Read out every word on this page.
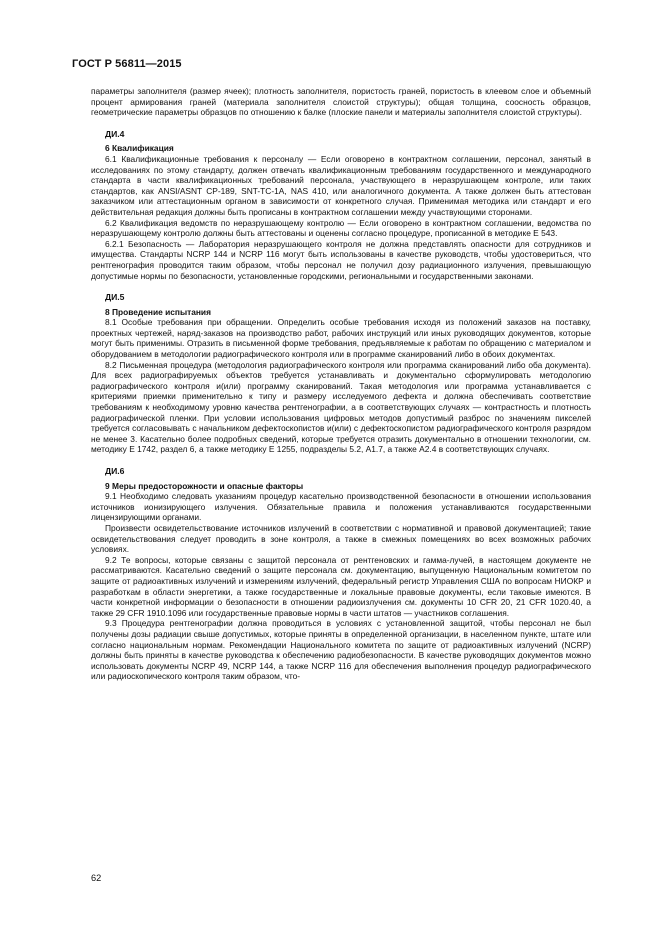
ГОСТ Р 56811—2015

параметры заполнителя (размер ячеек); плотность заполнителя, пористость граней, пористость в клеевом слое и объемный процент армирования граней (материала заполнителя слоистой структуры); общая толщина, соосность образцов, геометрические параметры образцов по отношению к балке (плоские панели и материалы заполнителя слоистой структуры).

ДИ.4
6 Квалификация

6.1 Квалификационные требования к персоналу — Если оговорено в контрактном соглашении, персонал, занятый в исследованиях по этому стандарту, должен отвечать квалификационным требованиям государственного и международного стандарта в части квалификационных требований персонала, участвующего в неразрушающем контроле, или таких стандартов, как ANSI/ASNT CP-189, SNT-TC-1A, NAS 410, или аналогичного документа. А также должен быть аттестован заказчиком или аттестационным органом в зависимости от конкретного случая. Применимая методика или стандарт и его действительная редакция должны быть прописаны в контрактном соглашении между участвующими сторонами.

6.2 Квалификация ведомств по неразрушающему контролю — Если оговорено в контрактном соглашении, ведомства по неразрушающему контролю должны быть аттестованы и оценены согласно процедуре, прописанной в методике Е 543.

6.2.1 Безопасность — Лаборатория неразрушающего контроля не должна представлять опасности для сотрудников и имущества. Стандарты NCRP 144 и NCRP 116 могут быть использованы в качестве руководств, чтобы удостовериться, что рентгенография проводится таким образом, чтобы персонал не получил дозу радиационного излучения, превышающую допустимые нормы по безопасности, установленные городскими, региональными и государственными законами.

ДИ.5
8 Проведение испытания

8.1 Особые требования при обращении. Определить особые требования исходя из положений заказов на поставку, проектных чертежей, наряд-заказов на производство работ, рабочих инструкций или иных руководящих документов, которые могут быть применимы. Отразить в письменной форме требования, предъявляемые к работам по обращению с материалом и оборудованием в методологии радиографического контроля или в программе сканирований либо в обоих документах.

8.2 Письменная процедура (методология радиографического контроля или программа сканирований либо оба документа). Для всех радиографируемых объектов требуется устанавливать и документально сформулировать методологию радиографического контроля и(или) программу сканирований. Такая методология или программа устанавливается с критериями приемки применительно к типу и размеру исследуемого дефекта и должна обеспечивать соответствие требованиям к необходимому уровню качества рентгенографии, а в соответствующих случаях — контрастность и плотность радиографической пленки. При условии использования цифровых методов допустимый разброс по значениям пикселей требуется согласовывать с начальником дефектоскопистов и(или) с дефектоскопистом радиографического контроля разрядом не менее 3. Касательно более подробных сведений, которые требуется отразить документально в отношении технологии, см. методику Е 1742, раздел 6, а также методику Е 1255, подразделы 5.2, А1.7, а также А2.4 в соответствующих случаях.

ДИ.6
9 Меры предосторожности и опасные факторы

9.1 Необходимо следовать указаниям процедур касательно производственной безопасности в отношении использования источников ионизирующего излучения. Обязательные правила и положения устанавливаются государственными лицензирующими органами.

Произвести освидетельствование источников излучений в соответствии с нормативной и правовой документацией; такие освидетельствования следует проводить в зоне контроля, а также в смежных помещениях во всех возможных рабочих условиях.

9.2 Те вопросы, которые связаны с защитой персонала от рентгеновских и гамма-лучей, в настоящем документе не рассматриваются. Касательно сведений о защите персонала см. документацию, выпущенную Национальным комитетом по защите от радиоактивных излучений и измерениям излучений, федеральный регистр Управления США по вопросам НИОКР и разработкам в области энергетики, а также государственные и локальные правовые документы, если таковые имеются. В части конкретной информации о безопасности в отношении радиоизлучения см. документы 10 CFR 20, 21 CFR 1020.40, а также 29 CFR 1910.1096 или государственные правовые нормы в части штатов — участников соглашения.

9.3 Процедура рентгенографии должна проводиться в условиях с установленной защитой, чтобы персонал не был получены дозы радиации свыше допустимых, которые приняты в определенной организации, в населенном пункте, штате или согласно национальным нормам. Рекомендации Национального комитета по защите от радиоактивных излучений (NCRP) должны быть приняты в качестве руководства к обеспечению радиобезопасности. В качестве руководящих документов можно использовать документы NCRP 49, NCRP 144, а также NCRP 116 для обеспечения выполнения процедур радиографического или радиоскопического контроля таким образом, что-

62
